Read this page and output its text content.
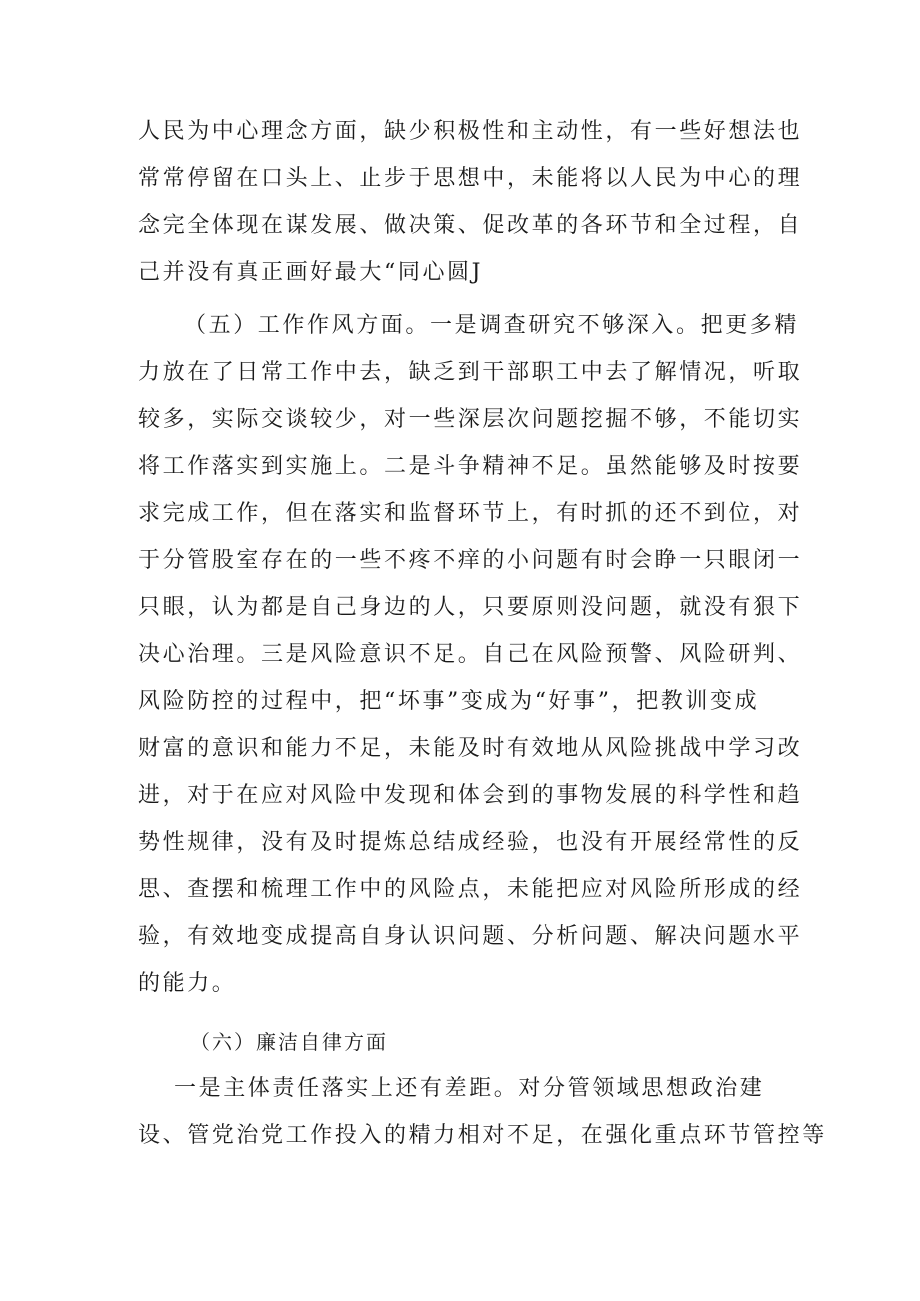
人民为中心理念方面，缺少积极性和主动性，有一些好想法也
常常停留在口头上、止步于思想中，未能将以人民为中心的理
念完全体现在谋发展、做决策、促改革的各环节和全过程，自
己并没有真正画好最大“同心圆J
（五）工作作风方面。一是调查研究不够深入。把更多精
力放在了日常工作中去，缺乏到干部职工中去了解情况，听取
较多，实际交谈较少，对一些深层次问题挖掘不够，不能切实
将工作落实到实施上。二是斗争精神不足。虽然能够及时按要
求完成工作，但在落实和监督环节上，有时抓的还不到位，对
于分管股室存在的一些不疼不痒的小问题有时会睁一只眼闭一
只眼，认为都是自己身边的人，只要原则没问题，就没有狠下
决心治理。三是风险意识不足。自己在风险预警、风险研判、
风险防控的过程中，把“坏事”变成为“好事”，把教训变成
财富的意识和能力不足，未能及时有效地从风险挑战中学习改
进，对于在应对风险中发现和体会到的事物发展的科学性和趋
势性规律，没有及时提炼总结成经验，也没有开展经常性的反
思、查摆和梳理工作中的风险点，未能把应对风险所形成的经
验，有效地变成提高自身认识问题、分析问题、解决问题水平
的能力。
（六）廉洁自律方面
一是主体责任落实上还有差距。对分管领域思想政治建
设、管党治党工作投入的精力相对不足，在强化重点环节管控等
